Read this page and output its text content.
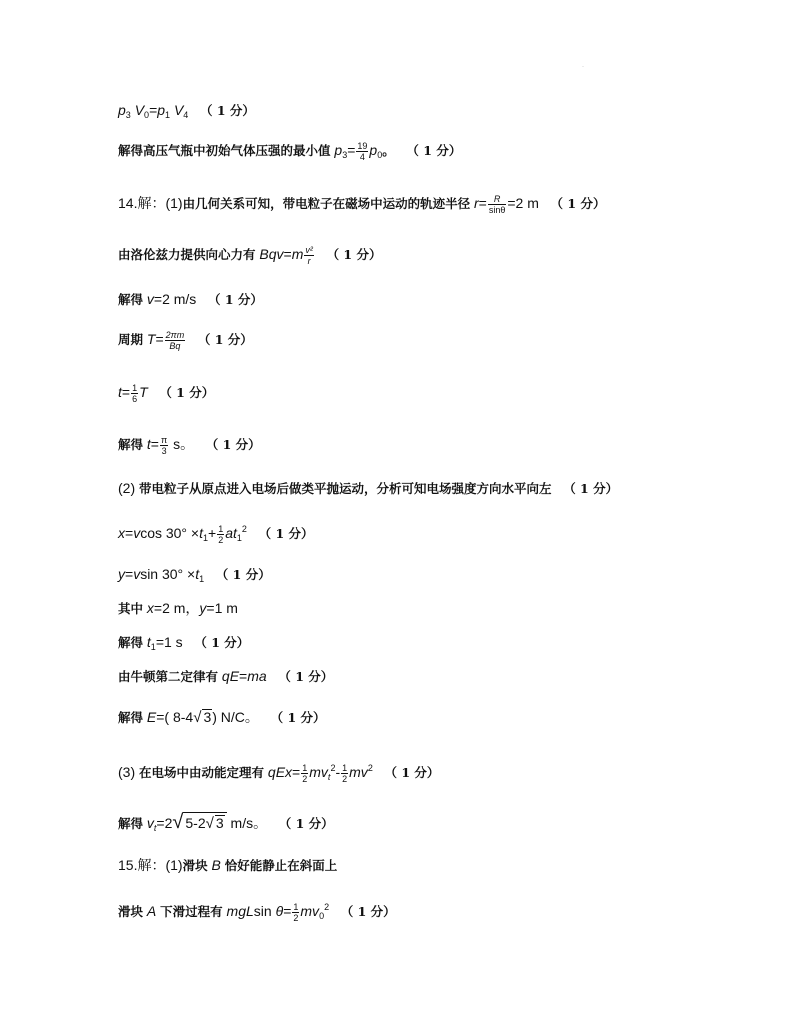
·
$p_3$ $V_0=p_1$ $V_4$ （ 1 分）
解得高压气瓶中初始气体压强的最小值 $p_3= \frac{19}{4} p_0$。 （ 1 分）
14.解：(1)由几何关系可知，带电粒子在磁场中运动的轨迹半径 $r= \frac{R}{\sin\theta} =2$ m （ 1 分）
由洛伦兹力提供向心力有 $Bqv=m \frac{\text{v²}}{r}$ （ 1 分）
解得 v=2 m/s （ 1 分）
周期 $T= \frac{2\pi m}{Bq}$ （ 1 分）
$t= \frac{1}{6}$ T （ 1 分）
解得 $t= \frac{\pi}{3}$ s。 （ 1 分）
(2) 带电粒子从原点进入电场后做类平抛运动，分析可知电场强度方向水平向左 （ 1 分）
x=vcos $30^\circ \times t_1+ \frac{1}{2} at_1^2$ （ 1 分）
y=vsin $30^\circ \times t_1$ （ 1 分）
其中 x=2 m，y=1 m
解得 $t_1=1$ s （ 1 分）
由牛顿第二定律有 qE=ma （ 1 分）
解得 E=( 8-4√ 3) N/C。 （ 1 分）
(3) 在电场中由动能定理有 $qEx= \frac{1}{2} mv_t^2- \frac{1}{2} mv^2$ （ 1 分）
解得 $v_t=2√$ 5-2√ 3 m/s。 （ 1 分）
15.解：(1)滑块 B 恰好能静止在斜面上
滑块 A 下滑过程有 mgLsin $\theta= \frac{1}{2} mv_0^2$ （ 1 分）
